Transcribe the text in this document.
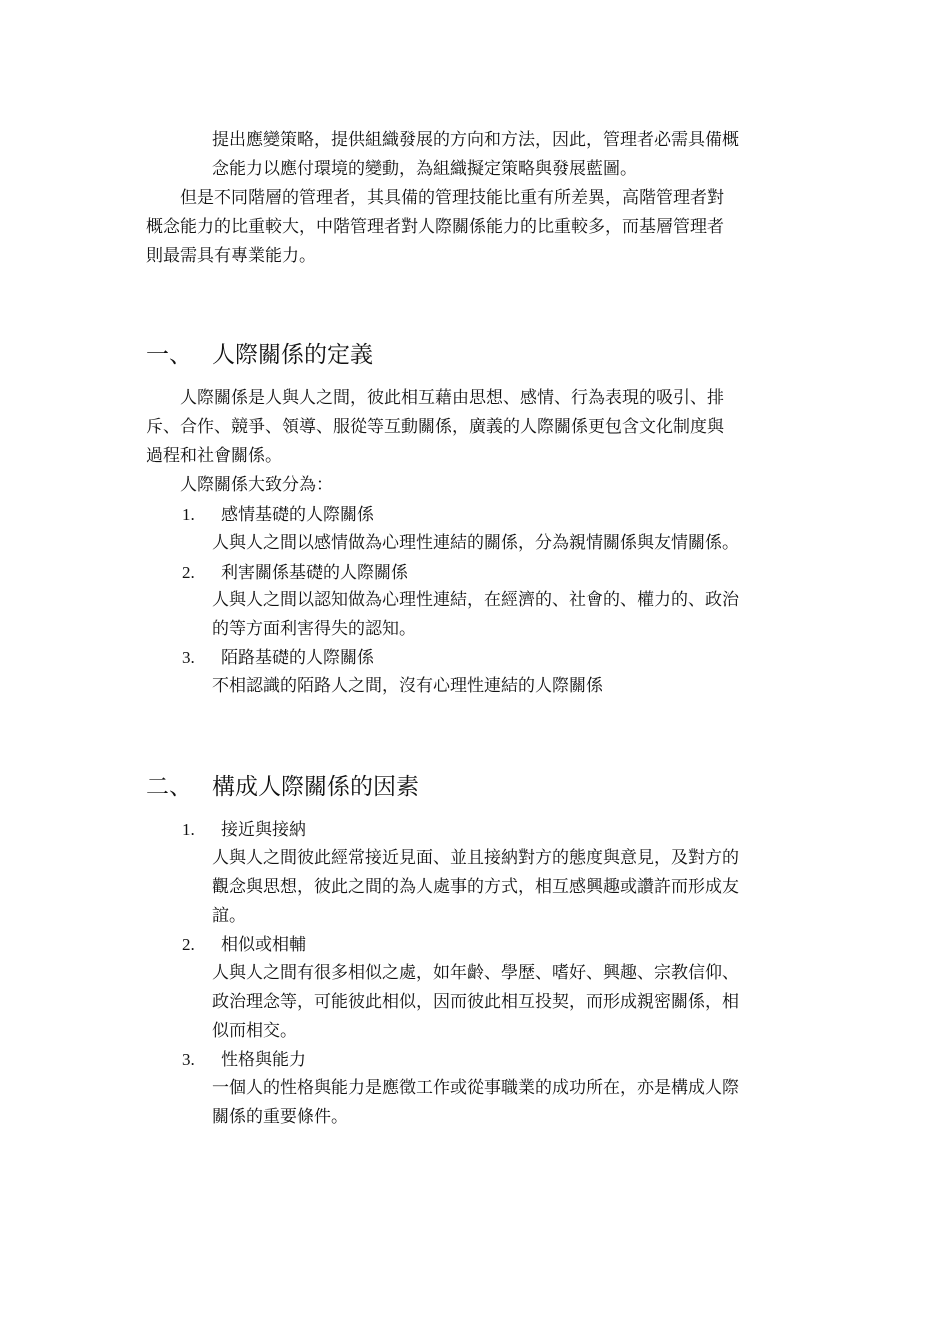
提出應變策略，提供組織發展的方向和方法，因此，管理者必需具備概
念能力以應付環境的變動，為組織擬定策略與發展藍圖。
　　但是不同階層的管理者，其具備的管理技能比重有所差異，高階管理者對
概念能力的比重較大，中階管理者對人際關係能力的比重較多，而基層管理者
則最需具有專業能力。
一、 人際關係的定義
　　人際關係是人與人之間，彼此相互藉由思想、感情、行為表現的吸引、排
斥、合作、競爭、領導、服從等互動關係，廣義的人際關係更包含文化制度與
過程和社會關係。
　　人際關係大致分為：
1. 感情基礎的人際關係
人與人之間以感情做為心理性連結的關係，分為親情關係與友情關係。
2. 利害關係基礎的人際關係
人與人之間以認知做為心理性連結，在經濟的、社會的、權力的、政治
的等方面利害得失的認知。
3. 陌路基礎的人際關係
不相認識的陌路人之間，沒有心理性連結的人際關係
二、 構成人際關係的因素
1. 接近與接納
人與人之間彼此經常接近見面、並且接納對方的態度與意見，及對方的
觀念與思想，彼此之間的為人處事的方式，相互感興趣或讚許而形成友
誼。
2. 相似或相輔
人與人之間有很多相似之處，如年齡、學歷、嗜好、興趣、宗教信仰、
政治理念等，可能彼此相似，因而彼此相互投契，而形成親密關係，相
似而相交。
3. 性格與能力
一個人的性格與能力是應徵工作或從事職業的成功所在，亦是構成人際
關係的重要條件。
